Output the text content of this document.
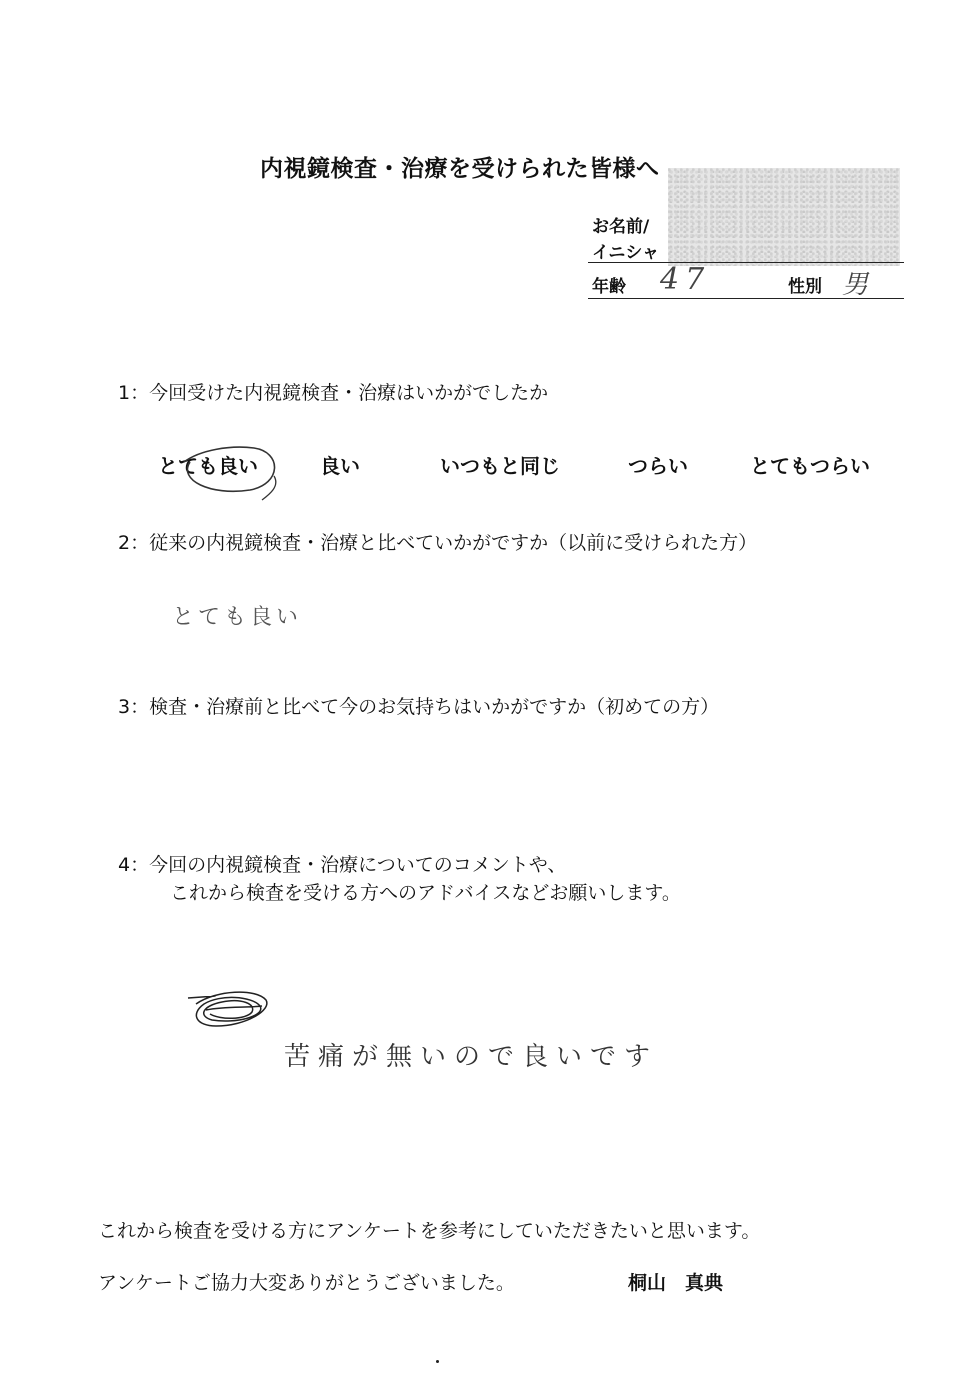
内視鏡検査・治療を受けられた皆様へ
お名前/
イニシャ
年齢 47	性別 男
1：今回受けた内視鏡検査・治療はいかがでしたか
とても良い	良い	いつもと同じ	つらい	とてもつらい
2：従来の内視鏡検査・治療と比べていかがですか（以前に受けられた方）
とても良い
3：検査・治療前と比べて今のお気持ちはいかがですか（初めての方）
4：今回の内視鏡検査・治療についてのコメントや、
これから検査を受ける方へのアドバイスなどお願いします。
苦痛が無いので良いです
これから検査を受ける方にアンケートを参考にしていただきたいと思います。
アンケートご協力大変ありがとうございました。	桐山　真典
